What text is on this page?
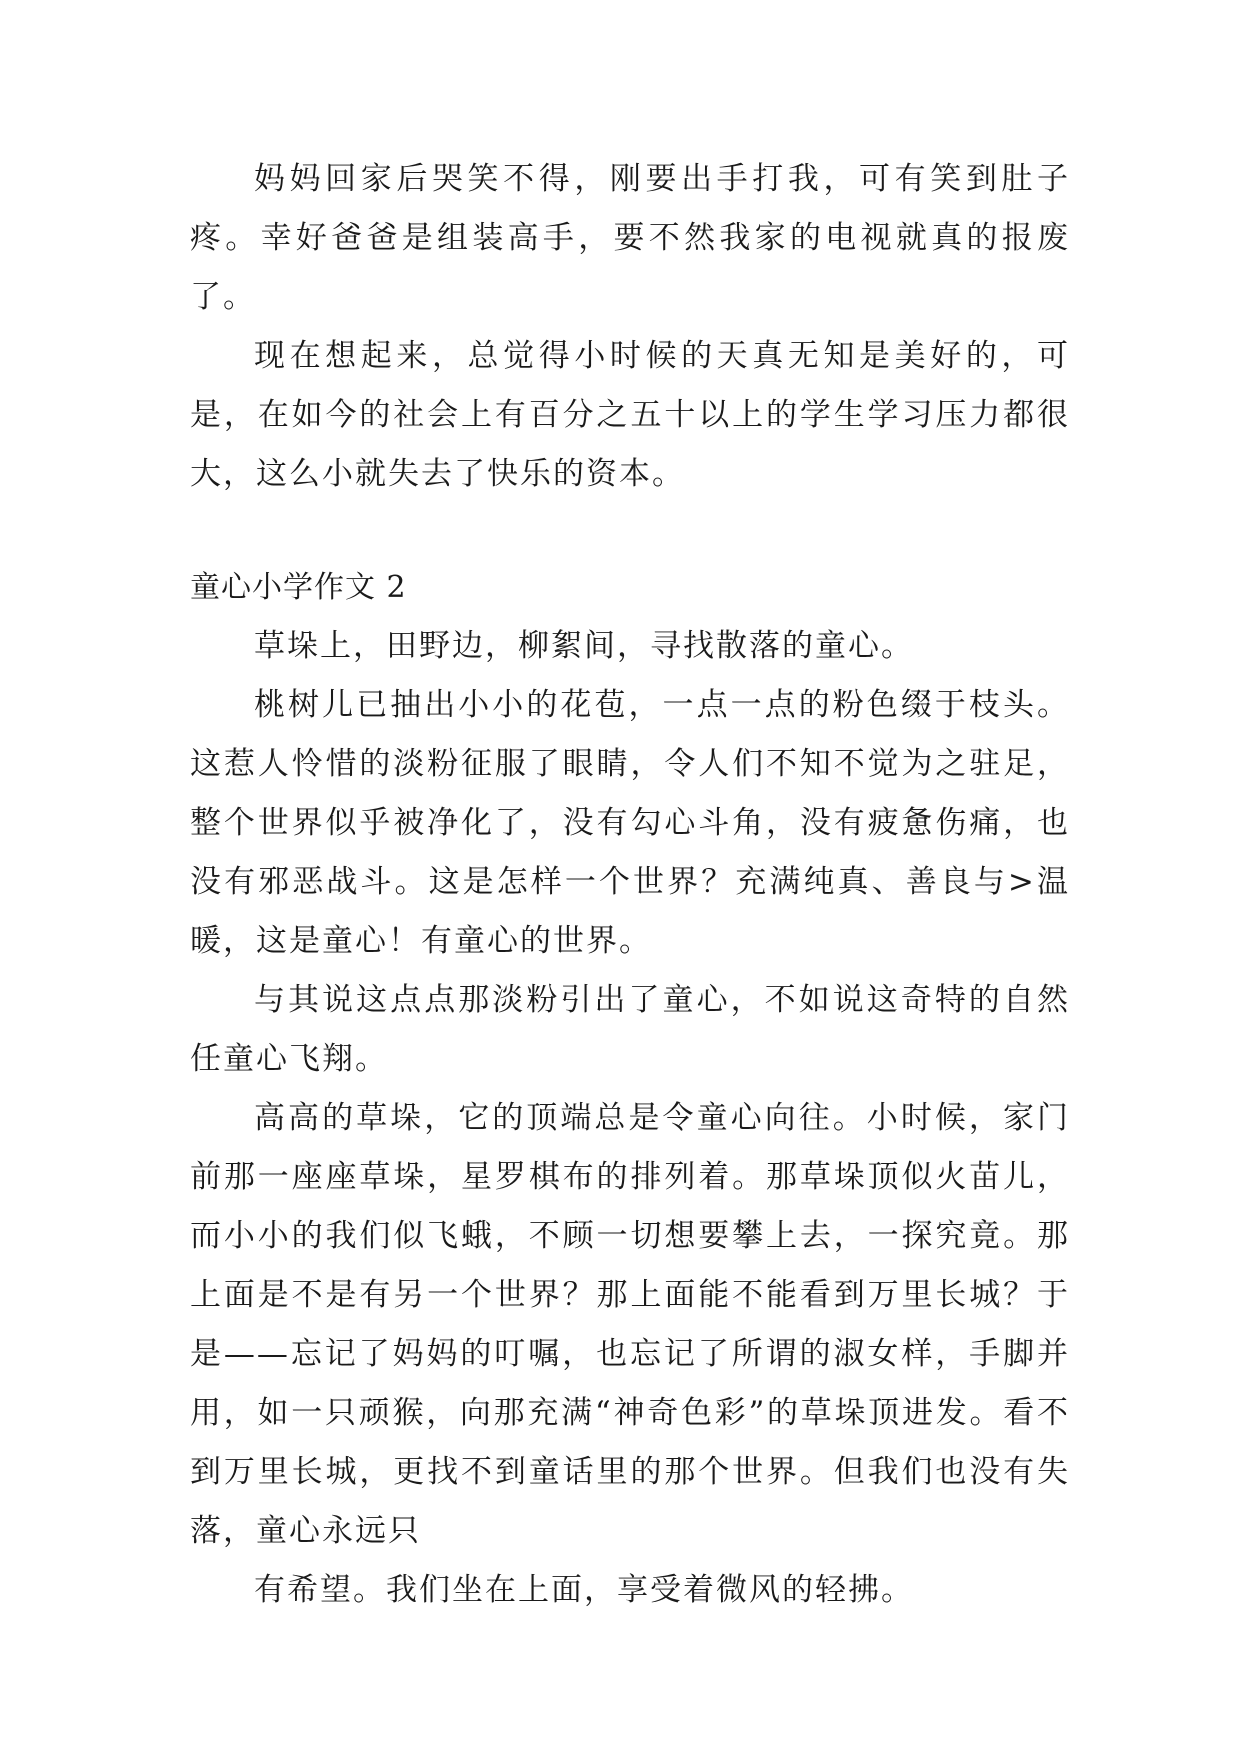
妈妈回家后哭笑不得，刚要出手打我，可有笑到肚子疼。幸好爸爸是组装高手，要不然我家的电视就真的报废了。

现在想起来，总觉得小时候的天真无知是美好的，可是，在如今的社会上有百分之五十以上的学生学习压力都很大，这么小就失去了快乐的资本。

童心小学作文 2

草垛上，田野边，柳絮间，寻找散落的童心。

桃树儿已抽出小小的花苞，一点一点的粉色缀于枝头。这惹人怜惜的淡粉征服了眼睛，令人们不知不觉为之驻足，整个世界似乎被净化了，没有勾心斗角，没有疲惫伤痛，也没有邪恶战斗。这是怎样一个世界？充满纯真、善良与>温暖，这是童心！有童心的世界。

与其说这点点那淡粉引出了童心，不如说这奇特的自然任童心飞翔。

高高的草垛，它的顶端总是令童心向往。小时候，家门前那一座座草垛，星罗棋布的排列着。那草垛顶似火苗儿，而小小的我们似飞蛾，不顾一切想要攀上去，一探究竟。那上面是不是有另一个世界？那上面能不能看到万里长城？于是——忘记了妈妈的叮嘱，也忘记了所谓的淑女样，手脚并用，如一只顽猴，向那充满“神奇色彩”的草垛顶进发。看不到万里长城，更找不到童话里的那个世界。但我们也没有失落，童心永远只

有希望。我们坐在上面，享受着微风的轻拂。
